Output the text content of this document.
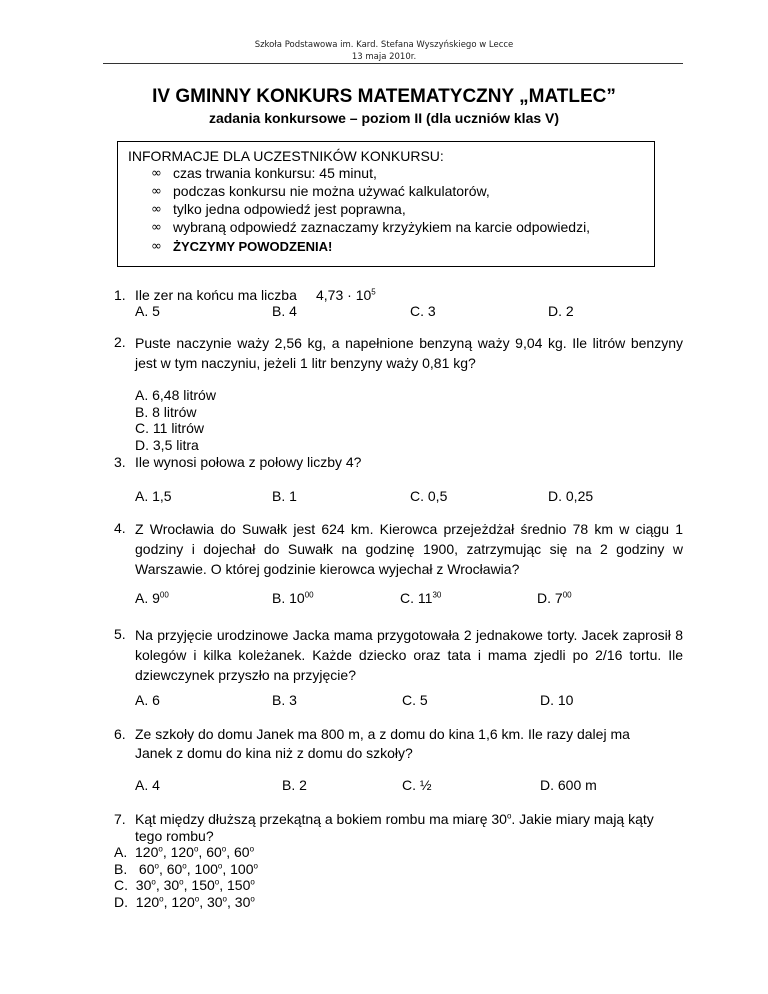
Szkoła Podstawowa im. Kard. Stefana Wyszyńskiego w Lecce
13 maja 2010r.
IV GMINNY KONKURS MATEMATYCZNY „MATLEC”
zadania konkursowe – poziom II (dla uczniów klas V)
INFORMACJE DLA UCZESTNIKÓW KONKURSU:
∞ czas trwania konkursu: 45 minut,
∞ podczas konkursu nie można używać kalkulatorów,
∞ tylko jedna odpowiedź jest poprawna,
∞ wybraną odpowiedź zaznaczamy krzyżykiem na karcie odpowiedzi,
∞ ŻYCZYMY POWODZENIA!
1. Ile zer na końcu ma liczba $4,73 \cdot 10^5$
A. 5	B. 4	C. 3	D. 2
2. Puste naczynie waży 2,56 kg, a napełnione benzyną waży 9,04 kg. Ile litrów benzyny jest w tym naczyniu, jeżeli 1 litr benzyny waży 0,81 kg?
A. 6,48 litrów
B. 8 litrów
C. 11 litrów
D. 3,5 litra
3. Ile wynosi połowa z połowy liczby 4?
A. 1,5	B. 1	C. 0,5	D. 0,25
4. Z Wrocławia do Suwałk jest 624 km. Kierowca przejeżdżał średnio 78 km w ciągu 1 godziny i dojechał do Suwałk na godzinę 1900, zatrzymując się na 2 godziny w Warszawie. O której godzinie kierowca wyjechał z Wrocławia?
A. $9^{00}$	B. $10^{00}$	C. $11^{30}$	D. $7^{00}$
5. Na przyjęcie urodzinowe Jacka mama przygotowała 2 jednakowe torty. Jacek zaprosił 8 kolegów i kilka koleżanek. Każde dziecko oraz tata i mama zjedli po 2/16 tortu. Ile dziewczynek przyszło na przyjęcie?
A. 6	B. 3	C. 5	D. 10
6. Ze szkoły do domu Janek ma 800 m, a z domu do kina 1,6 km. Ile razy dalej ma
Janek z domu do kina niż z domu do szkoły?
A. 4	B. 2	C. ½	D. 600 m
7. Kąt między dłuższą przekątną a bokiem rombu ma miarę 30$^o$. Jakie miary mają kąty
tego rombu?
A. 120$^o$, 120$^o$, 60$^o$, 60$^o$
B.   60$^o$, 60$^o$, 100$^o$, 100$^o$
C. 30$^o$, 30$^o$, 150$^o$, 150$^o$
D. 120$^o$, 120$^o$, 30$^o$, 30$^o$
